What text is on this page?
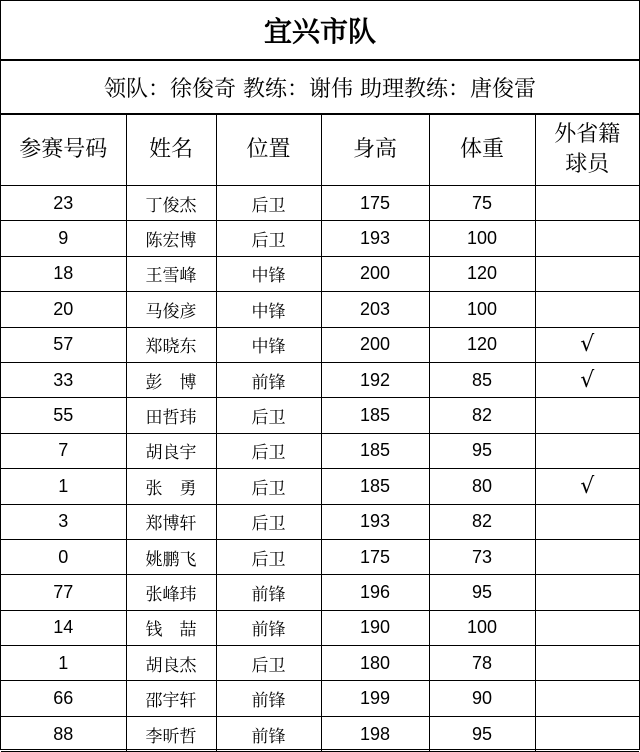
宜兴市队
领队：徐俊奇 教练：谢伟 助理教练：唐俊雷
参赛号码	姓名	位置	身高	体重	外省籍
球员

23	丁俊杰	后卫	175	75	
9	陈宏博	后卫	193	100	
18	王雪峰	中锋	200	120	
20	马俊彦	中锋	203	100	
57	郑晓东	中锋	200	120	√
33	彭　博	前锋	192	85	√
55	田哲玮	后卫	185	82	
7	胡良宇	后卫	185	95	
1	张　勇	后卫	185	80	√
3	郑博轩	后卫	193	82	
0	姚鹏飞	后卫	175	73	
77	张峰玮	前锋	196	95	
14	钱　喆	前锋	190	100	
1	胡良杰	后卫	180	78	
66	邵宇轩	前锋	199	90	
88	李昕哲	前锋	198	95	
